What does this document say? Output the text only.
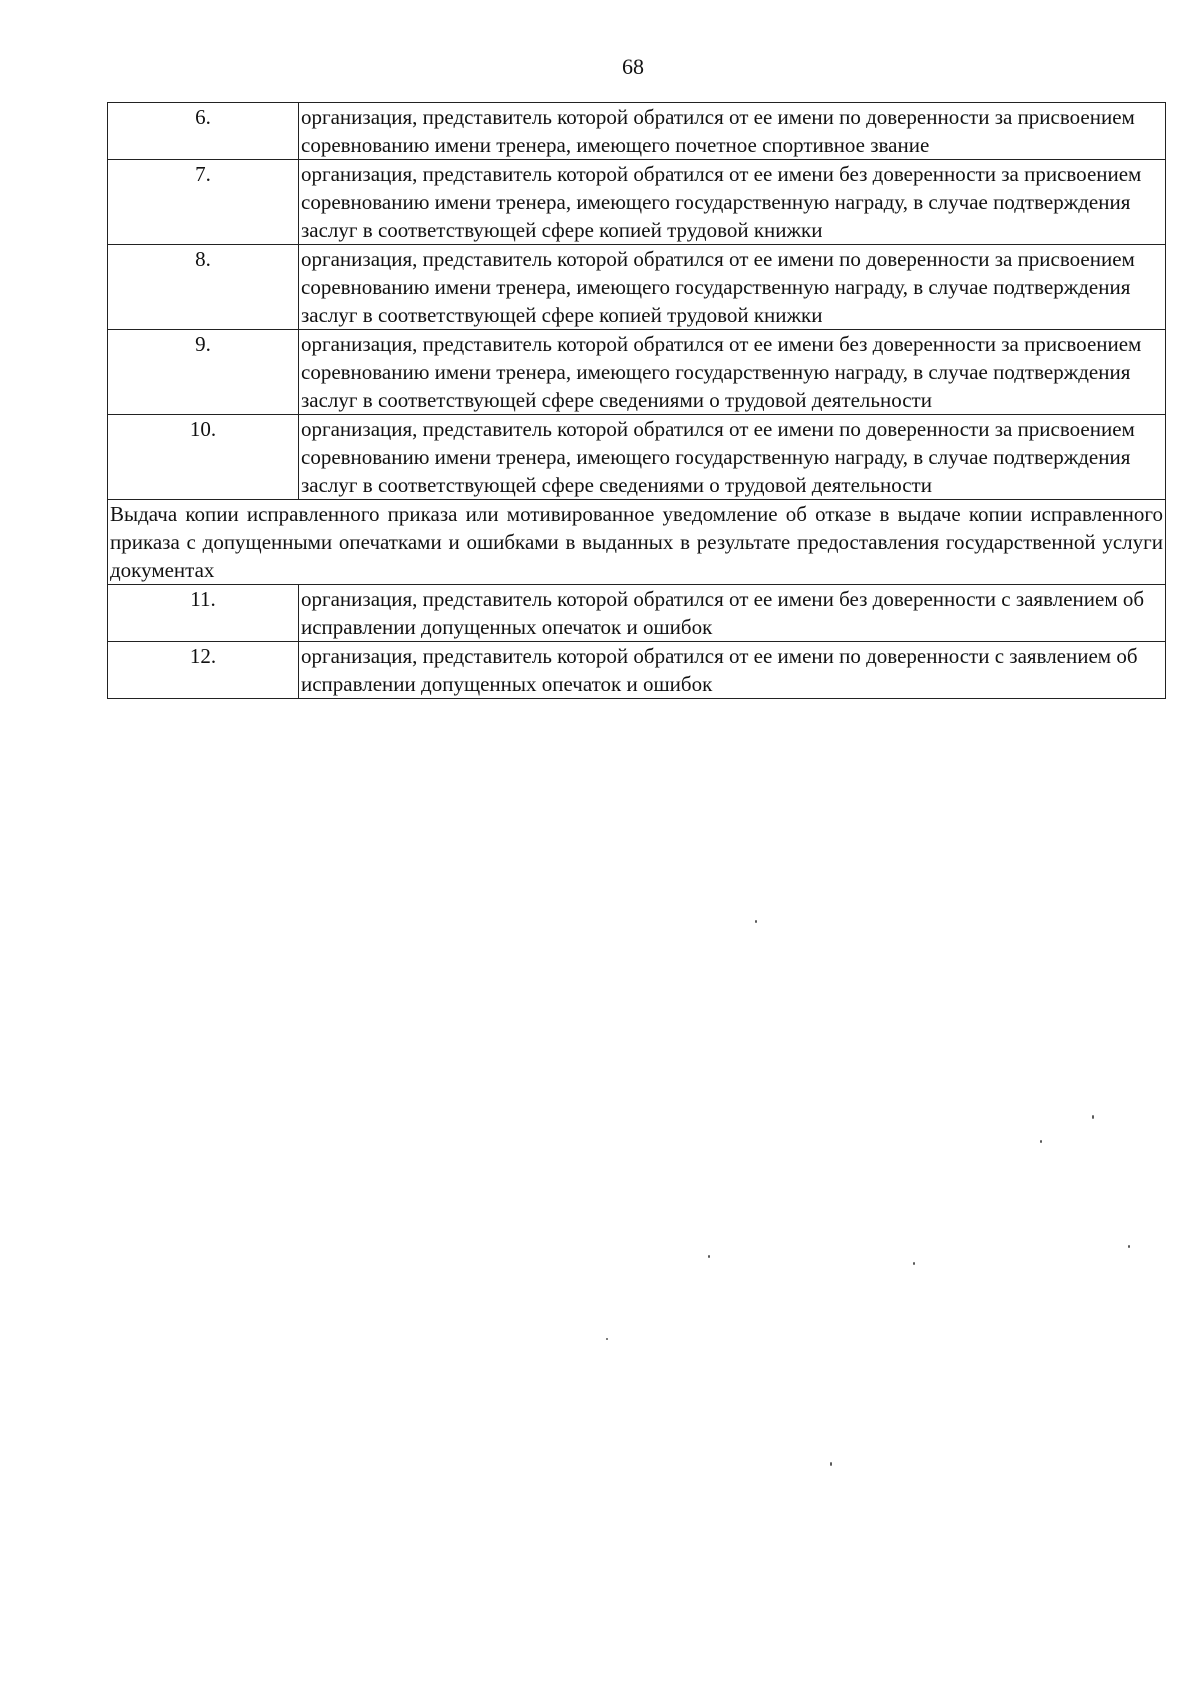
68
6.	организация, представитель которой обратился от ее имени по доверенности за присвоением соревнованию имени тренера, имеющего почетное спортивное звание
7.	организация, представитель которой обратился от ее имени без доверенности за присвоением соревнованию имени тренера, имеющего государственную награду, в случае подтверждения заслуг в соответствующей сфере копией трудовой книжки
8.	организация, представитель которой обратился от ее имени по доверенности за присвоением соревнованию имени тренера, имеющего государственную награду, в случае подтверждения заслуг в соответствующей сфере копией трудовой книжки
9.	организация, представитель которой обратился от ее имени без доверенности за присвоением соревнованию имени тренера, имеющего государственную награду, в случае подтверждения заслуг в соответствующей сфере сведениями о трудовой деятельности
10.	организация, представитель которой обратился от ее имени по доверенности за присвоением соревнованию имени тренера, имеющего государственную награду, в случае подтверждения заслуг в соответствующей сфере сведениями о трудовой деятельности
Выдача копии исправленного приказа или мотивированное уведомление об отказе в выдаче копии исправленного приказа с допущенными опечатками и ошибками в выданных в результате предоставления государственной услуги документах	
11.	организация, представитель которой обратился от ее имени без доверенности с заявлением об исправлении допущенных опечаток и ошибок
12.	организация, представитель которой обратился от ее имени по доверенности с заявлением об исправлении допущенных опечаток и ошибок
